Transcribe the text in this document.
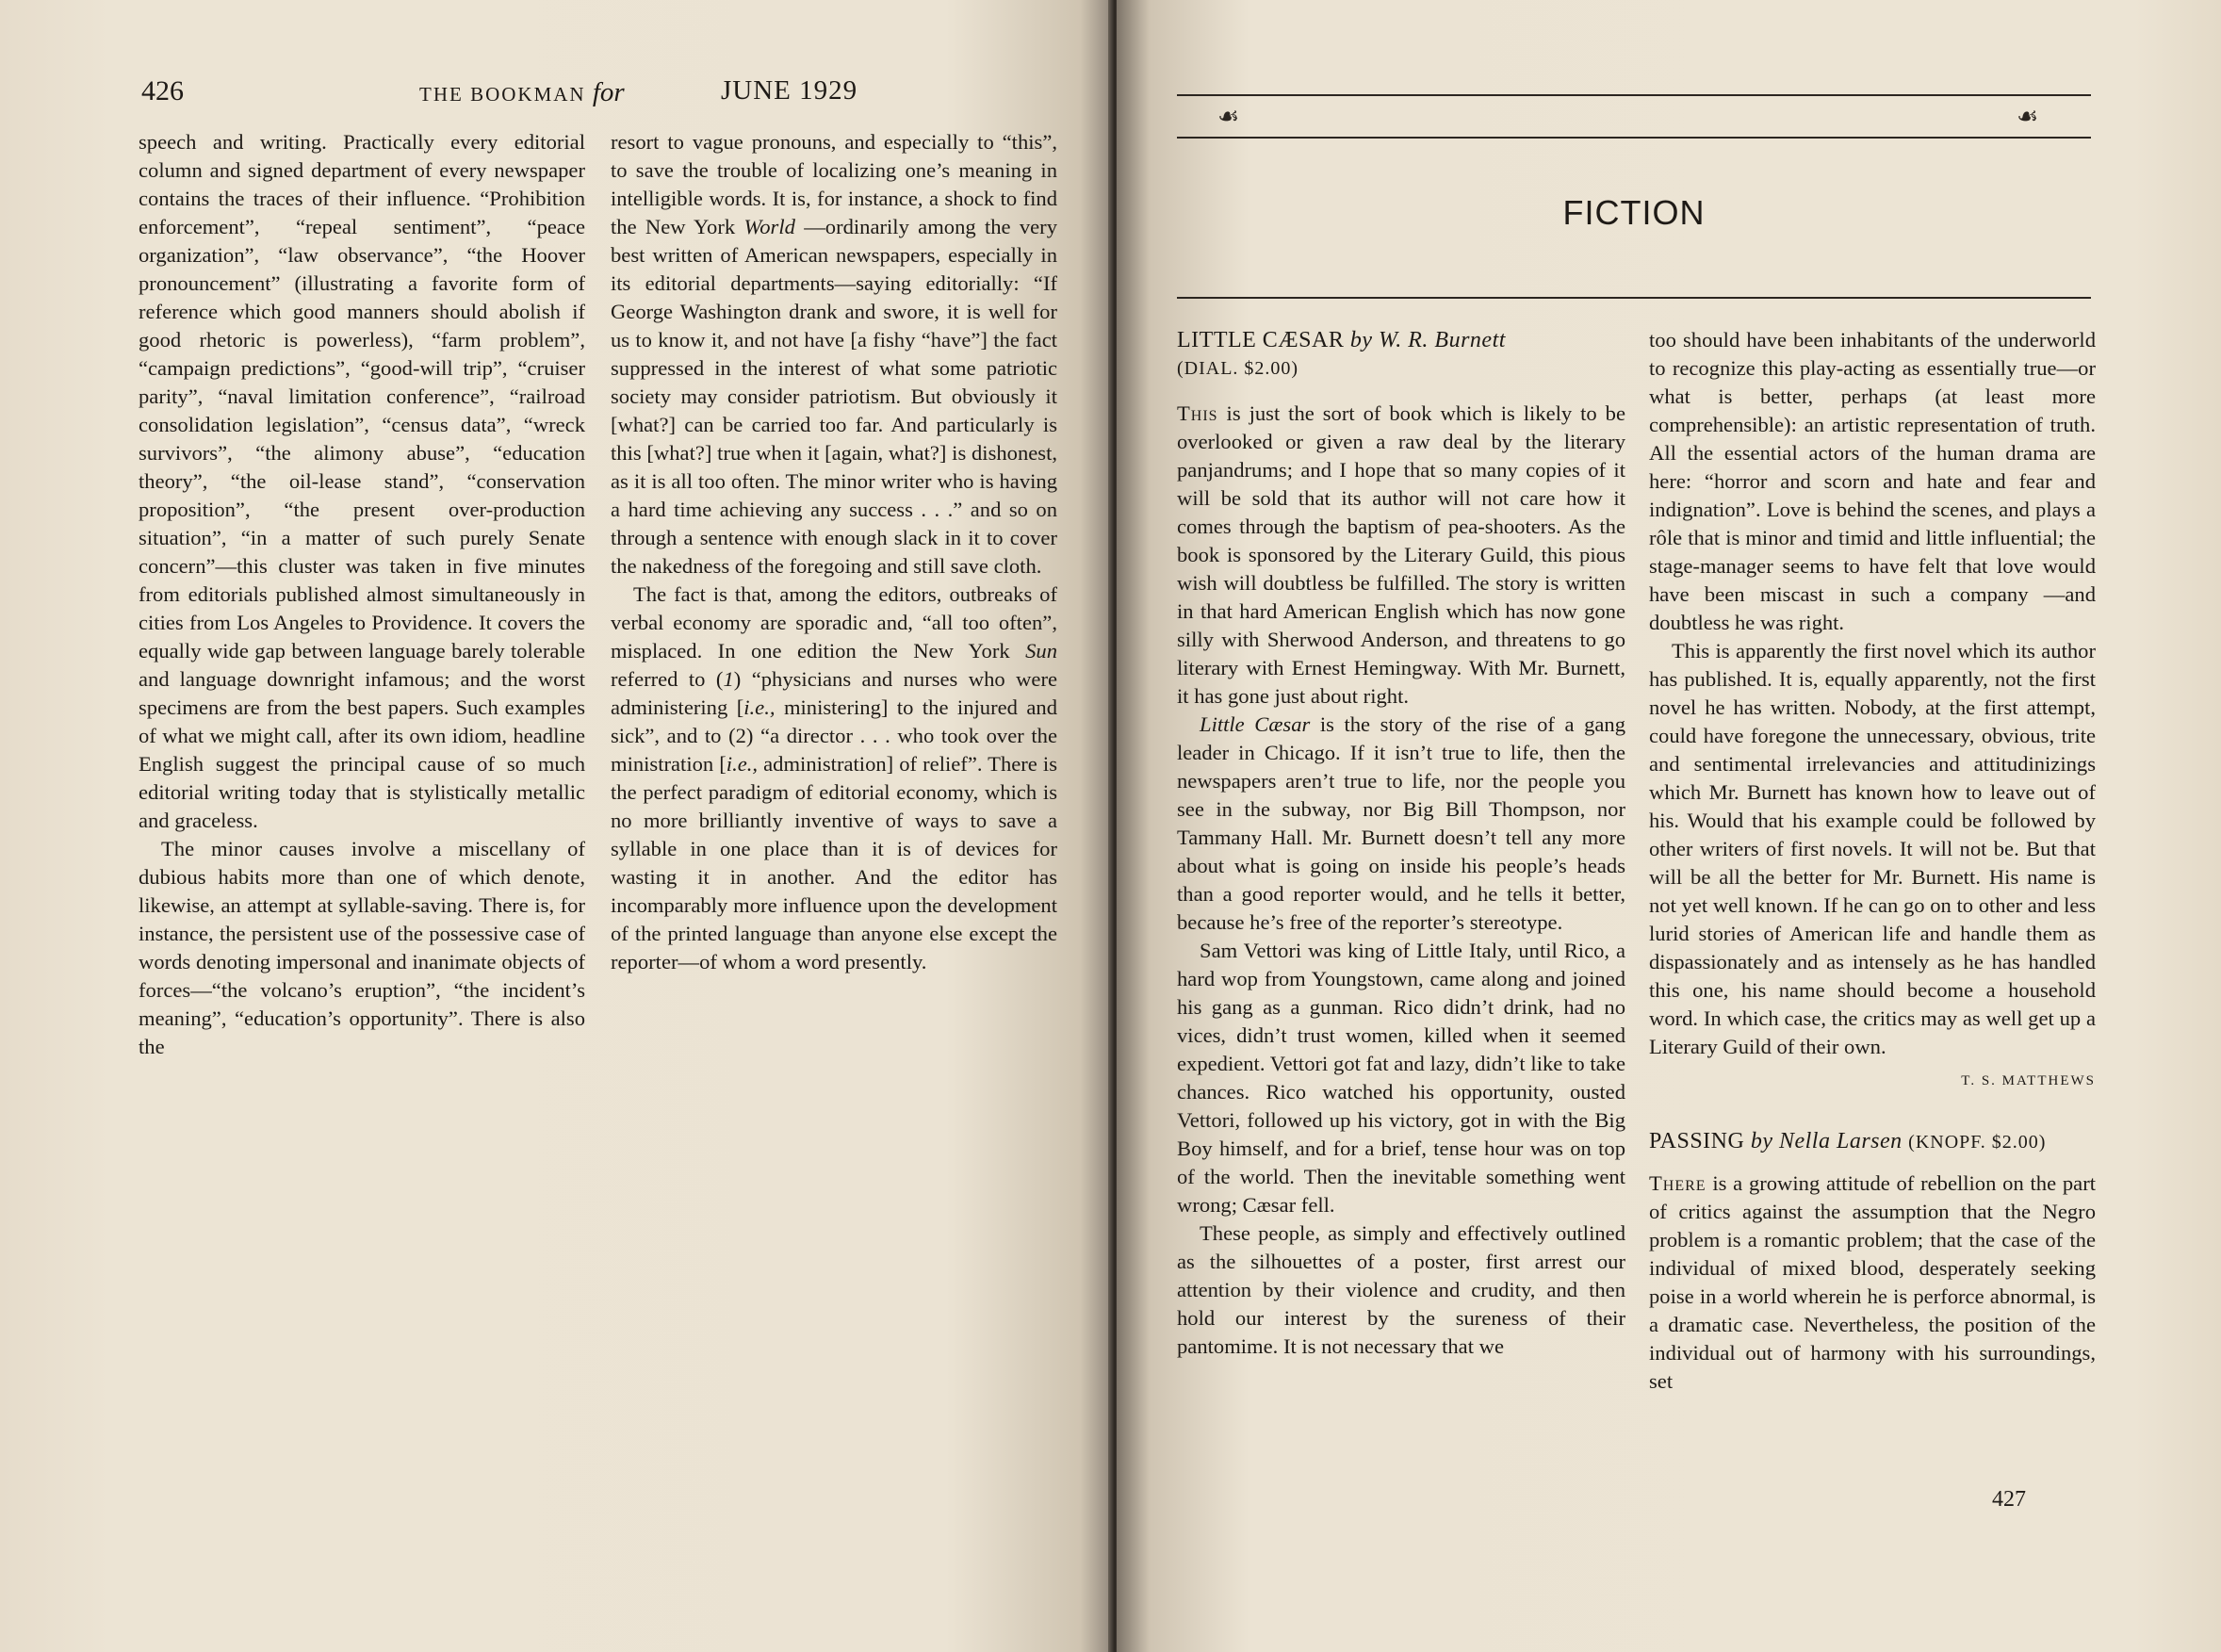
426	THE BOOKMAN for	JUNE 1929

speech and writing. Practically every editorial column and signed department of every newspaper contains the traces of their influence. “Prohibition enforcement”, “repeal sentiment”, “peace organization”, “law observance”, “the Hoover pronouncement” (illustrating a favorite form of reference which good manners should abolish if good rhetoric is powerless), “farm problem”, “campaign predictions”, “good-will trip”, “cruiser parity”, “naval limitation conference”, “railroad consolidation legislation”, “census data”, “wreck survivors”, “the alimony abuse”, “education theory”, “the oil-lease stand”, “conservation proposition”, “the present over-production situation”, “in a matter of such purely Senate concern”—this cluster was taken in five minutes from editorials published almost simultaneously in cities from Los Angeles to Providence. It covers the equally wide gap between language barely tolerable and language downright infamous; and the worst specimens are from the best papers. Such examples of what we might call, after its own idiom, headline English suggest the principal cause of so much editorial writing today that is stylistically metallic and graceless.

The minor causes involve a miscellany of dubious habits more than one of which denote, likewise, an attempt at syllable-saving. There is, for instance, the persistent use of the possessive case of words denoting impersonal and inanimate objects of forces—“the volcano’s eruption”, “the incident’s meaning”, “education’s opportunity”. There is also the

resort to vague pronouns, and especially to “this”, to save the trouble of localizing one’s meaning in intelligible words. It is, for instance, a shock to find the New York World —ordinarily among the very best written of American newspapers, especially in its editorial departments—saying editorially: “If George Washington drank and swore, it is well for us to know it, and not have [a fishy “have”] the fact suppressed in the interest of what some patriotic society may consider patriotism. But obviously it [what?] can be carried too far. And particularly is this [what?] true when it [again, what?] is dishonest, as it is all too often. The minor writer who is having a hard time achieving any success . . .” and so on through a sentence with enough slack in it to cover the nakedness of the foregoing and still save cloth.

The fact is that, among the editors, outbreaks of verbal economy are sporadic and, “all too often”, misplaced. In one edition the New York Sun referred to (1) “physicians and nurses who were administering [i.e., ministering] to the injured and sick”, and to (2) “a director . . . who took over the ministration [i.e., administration] of relief”. There is the perfect paradigm of editorial economy, which is no more brilliantly inventive of ways to save a syllable in one place than it is of devices for wasting it in another. And the editor has incomparably more influence upon the development of the printed language than anyone else except the reporter—of whom a word presently.

☙	☙
FICTION

LITTLE CÆSAR by W. R. Burnett

(DIAL. $2.00)

This is just the sort of book which is likely to be overlooked or given a raw deal by the literary panjandrums; and I hope that so many copies of it will be sold that its author will not care how it comes through the baptism of pea-shooters. As the book is sponsored by the Literary Guild, this pious wish will doubtless be fulfilled. The story is written in that hard American English which has now gone silly with Sherwood Anderson, and threatens to go literary with Ernest Hemingway. With Mr. Burnett, it has gone just about right.

Little Cæsar is the story of the rise of a gang leader in Chicago. If it isn’t true to life, then the newspapers aren’t true to life, nor the people you see in the subway, nor Big Bill Thompson, nor Tammany Hall. Mr. Burnett doesn’t tell any more about what is going on inside his people’s heads than a good reporter would, and he tells it better, because he’s free of the reporter’s stereotype.

Sam Vettori was king of Little Italy, until Rico, a hard wop from Youngstown, came along and joined his gang as a gunman. Rico didn’t drink, had no vices, didn’t trust women, killed when it seemed expedient. Vettori got fat and lazy, didn’t like to take chances. Rico watched his opportunity, ousted Vettori, followed up his victory, got in with the Big Boy himself, and for a brief, tense hour was on top of the world. Then the inevitable something went wrong; Cæsar fell.

These people, as simply and effectively outlined as the silhouettes of a poster, first arrest our attention by their violence and crudity, and then hold our interest by the sureness of their pantomime. It is not necessary that we

too should have been inhabitants of the underworld to recognize this play-acting as essentially true—or what is better, perhaps (at least more comprehensible): an artistic representation of truth. All the essential actors of the human drama are here: “horror and scorn and hate and fear and indignation”. Love is behind the scenes, and plays a rôle that is minor and timid and little influential; the stage-manager seems to have felt that love would have been miscast in such a company —and doubtless he was right.

This is apparently the first novel which its author has published. It is, equally apparently, not the first novel he has written. Nobody, at the first attempt, could have foregone the unnecessary, obvious, trite and sentimental irrelevancies and attitudinizings which Mr. Burnett has known how to leave out of his. Would that his example could be followed by other writers of first novels. It will not be. But that will be all the better for Mr. Burnett. His name is not yet well known. If he can go on to other and less lurid stories of American life and handle them as dispassionately and as intensely as he has handled this one, his name should become a household word. In which case, the critics may as well get up a Literary Guild of their own.

T. S. MATTHEWS

PASSING by Nella Larsen (KNOPF. $2.00)

There is a growing attitude of rebellion on the part of critics against the assumption that the Negro problem is a romantic problem; that the case of the individual of mixed blood, desperately seeking poise in a world wherein he is perforce abnormal, is a dramatic case. Nevertheless, the position of the individual out of harmony with his surroundings, set

427
